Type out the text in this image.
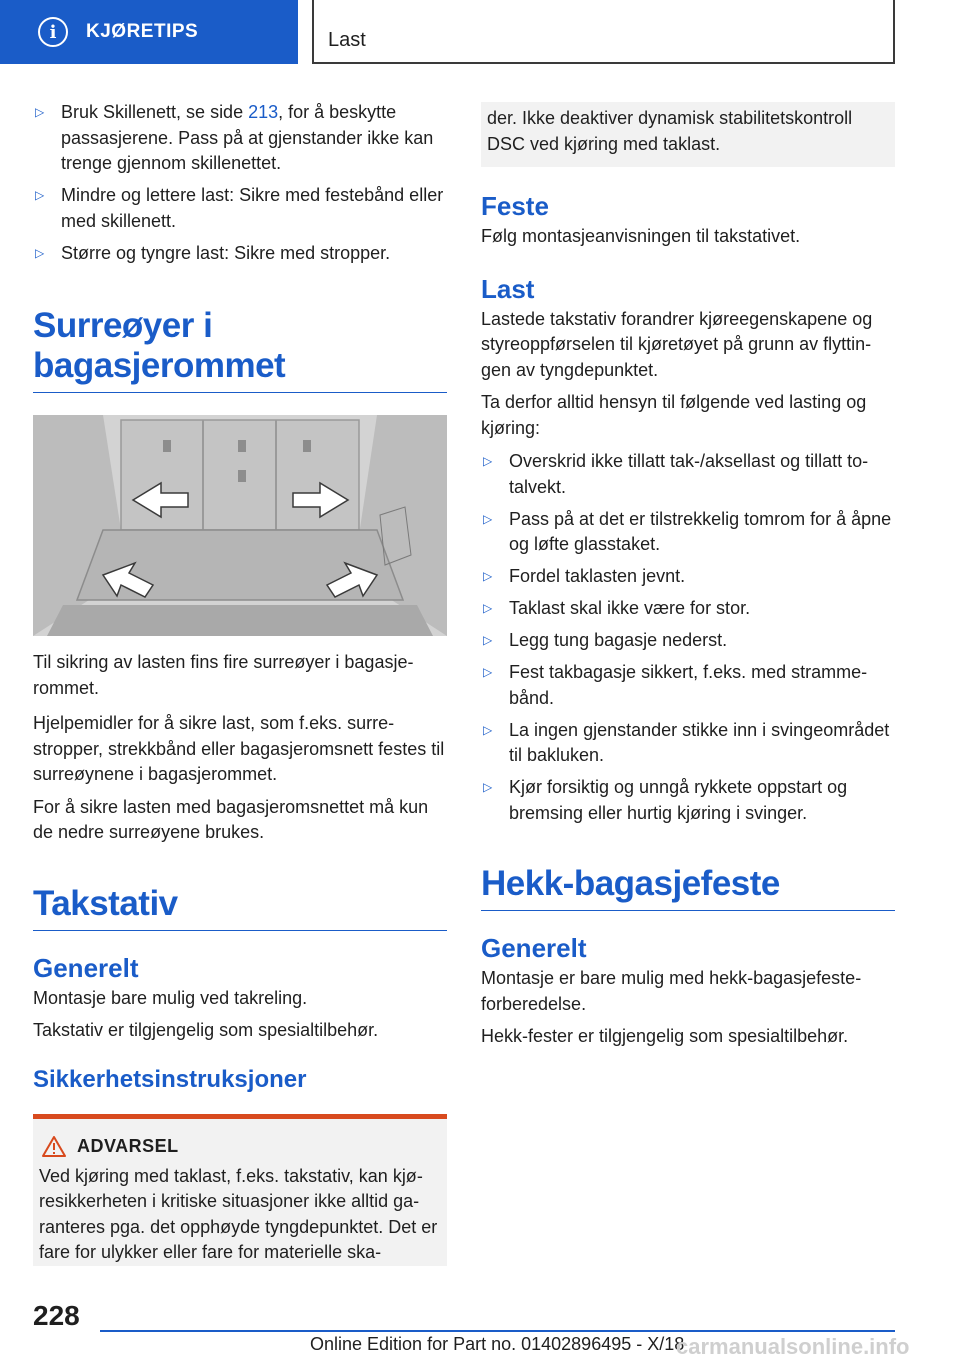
i	KJØRETIPS	Last
▷ Bruk Skillenett, se side 213, for å beskytte passasjerene. Pass på at gjenstander ikke kan trenge gjennom skillenettet.
▷ Mindre og lettere last: Sikre med festebånd eller med skillenett.
▷ Større og tyngre last: Sikre med stropper.
Surreøyer i bagasjerommet

Til sikring av lasten fins fire surreøyer i bagasjerommet.

Hjelpemidler for å sikre last, som f.eks. surrestropper, strekkbånd eller bagasjeromsnett festes til surreøynene i bagasjerommet.

For å sikre lasten med bagasjeromsnettet må kun de nedre surreøyene brukes.

Takstativ
Generelt

Montasje bare mulig ved takreling.

Takstativ er tilgjengelig som spesialtilbehør.

Sikkerhetsinstruksjoner
ADVARSEL
Ved kjøring med taklast, f.eks. takstativ, kan kjøresikkerheten i kritiske situasjoner ikke alltid garanteres pga. det opphøyde tyngdepunktet. Det er fare for ulykker eller fare for materielle ska-
der. Ikke deaktiver dynamisk stabilitetskontroll DSC ved kjøring med taklast.
Feste

Følg montasjeanvisningen til takstativet.

Last

Lastede takstativ forandrer kjøreegenskapene og styreoppførselen til kjøretøyet på grunn av flyttingen av tyngdepunktet.

Ta derfor alltid hensyn til følgende ved lasting og kjøring:

▷ Overskrid ikke tillatt tak-/aksellast og tillatt totalvekt.
▷ Pass på at det er tilstrekkelig tomrom for å åpne og løfte glasstaket.
▷ Fordel taklasten jevnt.
▷ Taklast skal ikke være for stor.
▷ Legg tung bagasje nederst.
▷ Fest takbagasje sikkert, f.eks. med strammebånd.
▷ La ingen gjenstander stikke inn i svingeområdet til bakluken.
▷ Kjør forsiktig og unngå rykkete oppstart og bremsing eller hurtig kjøring i svinger.
Hekk-bagasjefeste
Generelt

Montasje er bare mulig med hekk-bagasjefesteforberedelse.

Hekk-fester er tilgjengelig som spesialtilbehør.

228
Online Edition for Part no. 01402896495 - X/18
carmanualsonline.info
